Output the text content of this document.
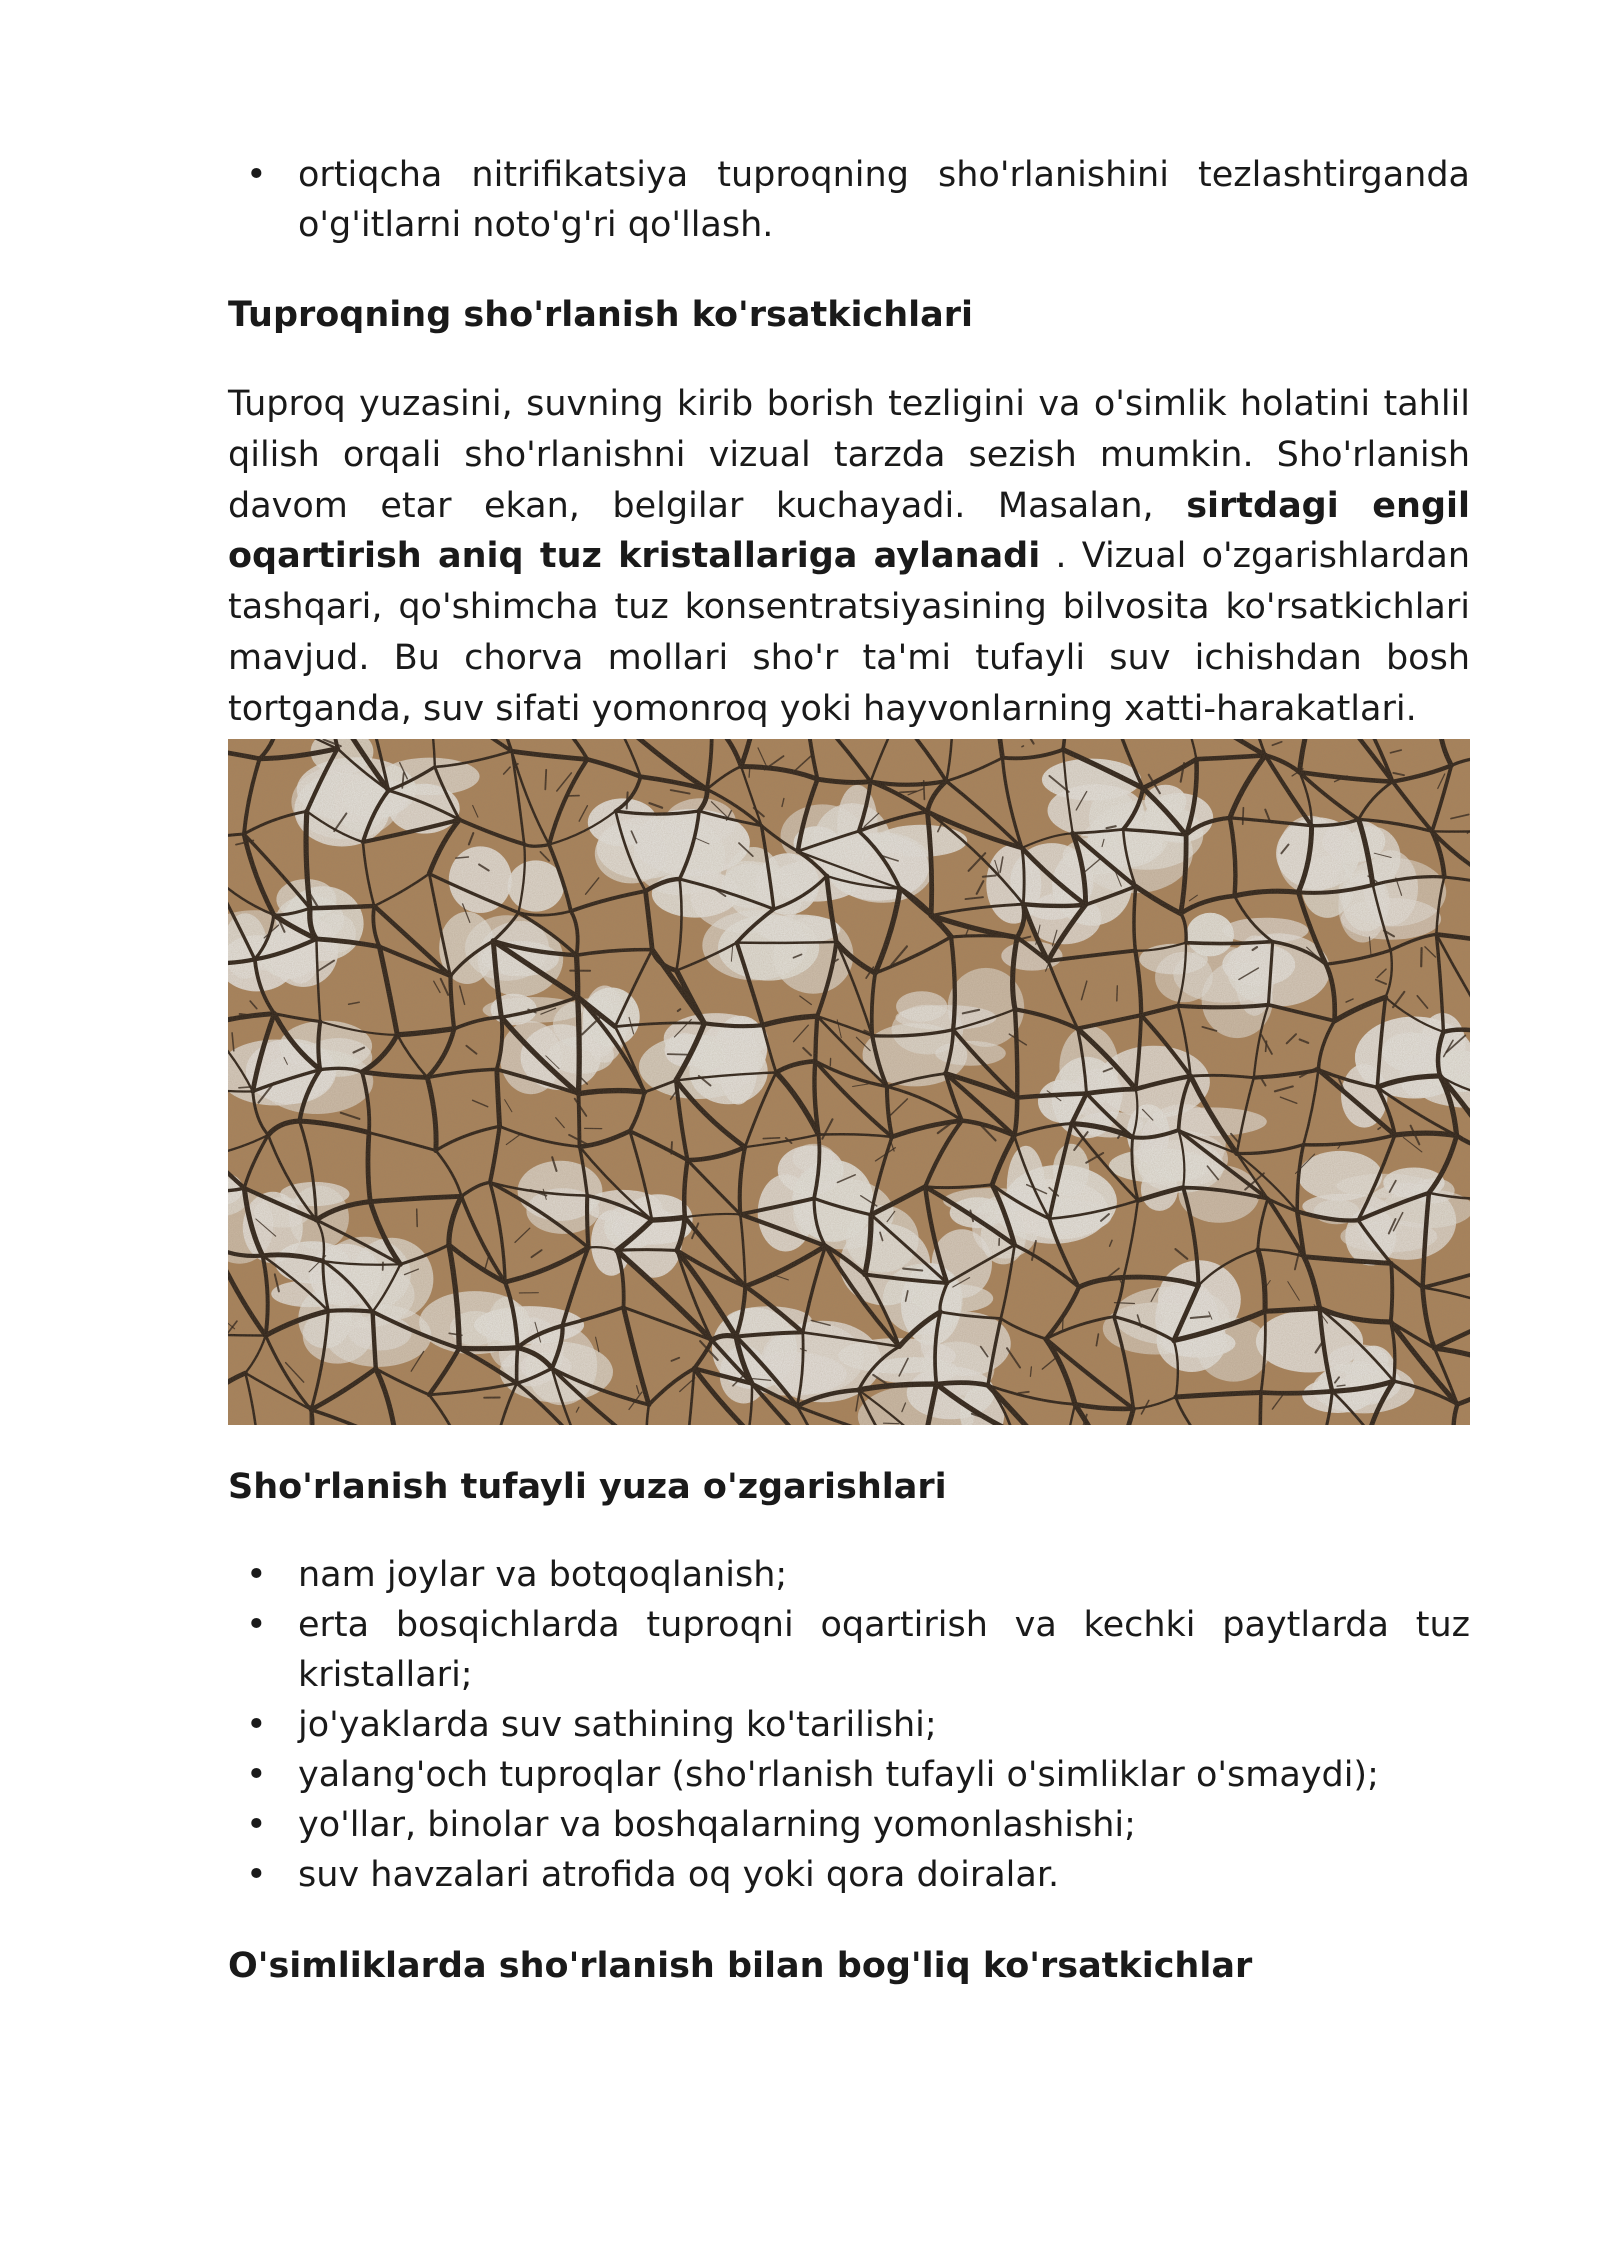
• ortiqcha nitrifikatsiya tuproqning sho'rlanishini tezlashtirganda o'g'itlarni noto'g'ri qo'llash.
Tuproqning sho'rlanish ko'rsatkichlari

Tuproq yuzasini, suvning kirib borish tezligini va o'simlik holatini tahlil qilish orqali sho'rlanishni vizual tarzda sezish mumkin. Sho'rlanish davom etar ekan, belgilar kuchayadi. Masalan, sirtdagi engil oqartirish aniq tuz kristallariga aylanadi . Vizual o'zgarishlardan tashqari, qo'shimcha tuz konsentratsiyasining bilvosita ko'rsatkichlari mavjud. Bu chorva mollari sho'r ta'mi tufayli suv ichishdan bosh tortganda, suv sifati yomonroq yoki hayvonlarning xatti-harakatlari.

Sho'rlanish tufayli yuza o'zgarishlari
• nam joylar va botqoqlanish;
• erta bosqichlarda tuproqni oqartirish va kechki paytlarda tuz kristallari;
• jo'yaklarda suv sathining ko'tarilishi;
• yalang'och tuproqlar (sho'rlanish tufayli o'simliklar o'smaydi);
• yo'llar, binolar va boshqalarning yomonlashishi;
• suv havzalari atrofida oq yoki qora doiralar.
O'simliklarda sho'rlanish bilan bog'liq ko'rsatkichlar
